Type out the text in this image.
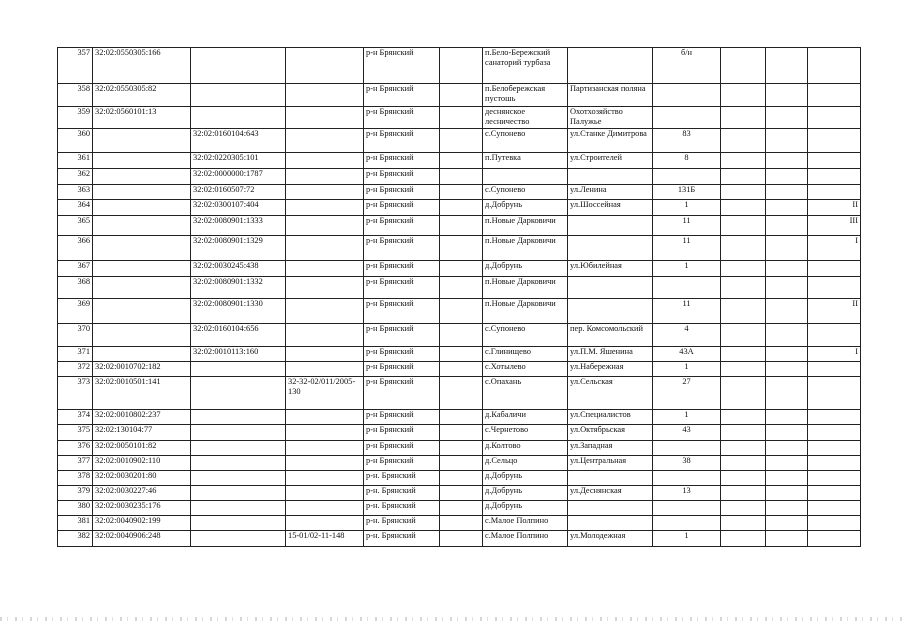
357	32:02:0550305:166			р-н Брянский		п.Бело-Бережский санаторий турбаза		б/н			
358	32:02:0550305:82			р-н Брянский		п.Белобережская пустошь	Партизанская поляна				
359	32:02:0560101:13			р-н Брянский		деснянское лесничество	Охотхозяйство Палужье				
360		32:02:0160104:643		р-н Брянский		с.Супонево	ул.Станке Димитрова	83			
361		32:02:0220305:101		р-н Брянский		п.Путевка	ул.Строителей	8			
362		32:02:0000000:1787		р-н Брянский							
363		32:02:0160507:72		р-н Брянский		с.Супонево	ул.Ленина	131Б			
364		32:02:0300107:404		р-н Брянский		д.Добрунь	ул.Шоссейная	1			II
365		32:02:0080901:1333		р-н Брянский		п.Новые Дарковичи		11			III
366		32:02:0080901:1329		р-н Брянский		п.Новые Дарковичи		11			I
367		32:02:0030245:438		р-н Брянский		д.Добрунь	ул.Юбилейная	1			
368		32:02:0080901:1332		р-н Брянский		п.Новые Дарковичи					
369		32:02:0080901:1330		р-н Брянский		п.Новые Дарковичи		11			II
370		32:02:0160104:656		р-н Брянский		с.Супонево	пер. Комсомольский	4			
371		32:02:0010113:160		р-н Брянский		с.Глинищево	ул.П.М. Яшенина	43А			I
372	32:02:0010702:182			р-н Брянский		с.Хотылево	ул.Набережная	1			
373	32:02:0010501:141		32-32-02/011/2005-130	р-н Брянский		с.Опахань	ул.Сельская	27			
374	32:02:0010802:237			р-н Брянский		д.Кабаличи	ул.Специалистов	1			
375	32:02:130104:77			р-н Брянский		с.Чернетово	ул.Октябрьская	43			
376	32:02:0050101:82			р-н Брянский		д.Колтово	ул.Западная				
377	32:02:0010902:110			р-н Брянский		д.Сельцо	ул.Центральная	38			
378	32:02:0030201:80			р-н. Брянский		д.Добрунь					
379	32:02:0030227:46			р-н. Брянский		д.Добрунь	ул.Деснянская	13			
380	32:02:0030235:176			р-н. Брянский		д.Добрунь					
381	32:02:0040902:199			р-н. Брянский		с.Малое Полпино					
382	32:02:0040906:248		15-01/02-11-148	р-н. Брянский		с.Малое Полпино	ул.Молодежная	1			
